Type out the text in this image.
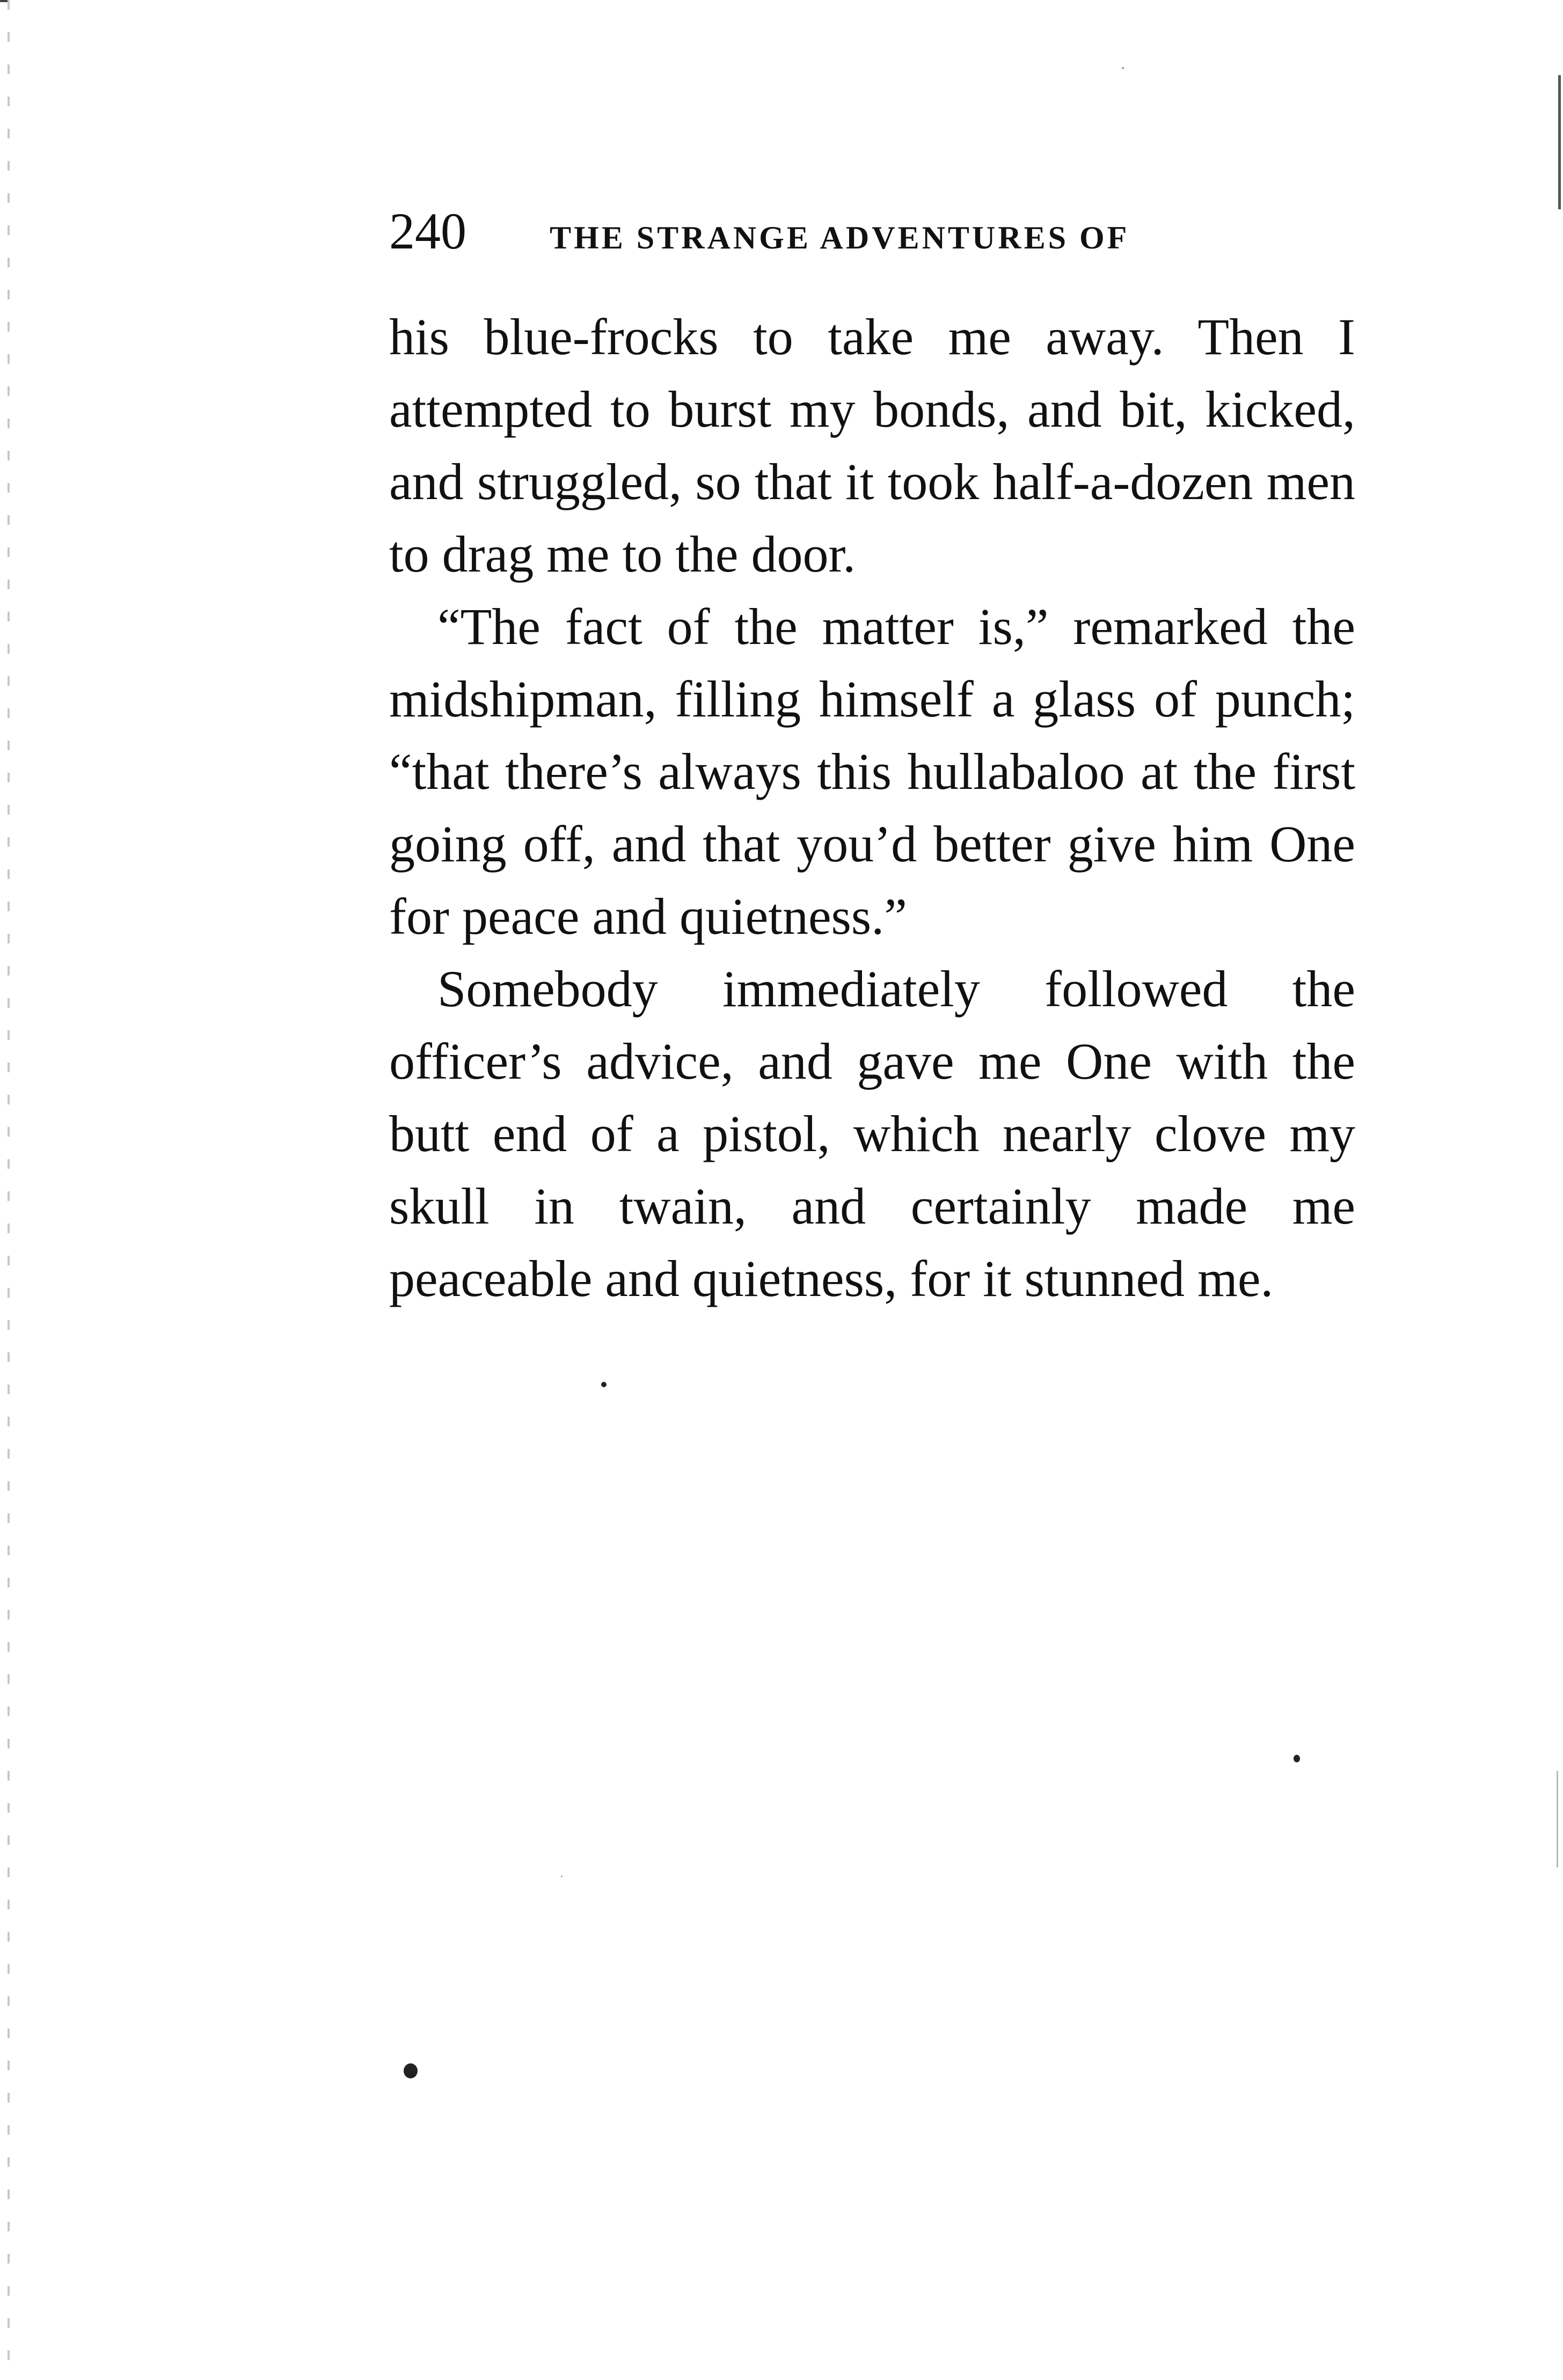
240	THE STRANGE ADVENTURES OF

his blue-frocks to take me away. Then I attempted to burst my bonds, and bit, kicked, and struggled, so that it took half-a-dozen men to drag me to the door.

“The fact of the matter is,” remarked the midshipman, filling himself a glass of punch; “that there’s always this hullabaloo at the first going off, and that you’d better give him One for peace and quietness.”

Somebody immediately followed the officer’s advice, and gave me One with the butt end of a pistol, which nearly clove my skull in twain, and certainly made me peaceable and quietness, for it stunned me.
